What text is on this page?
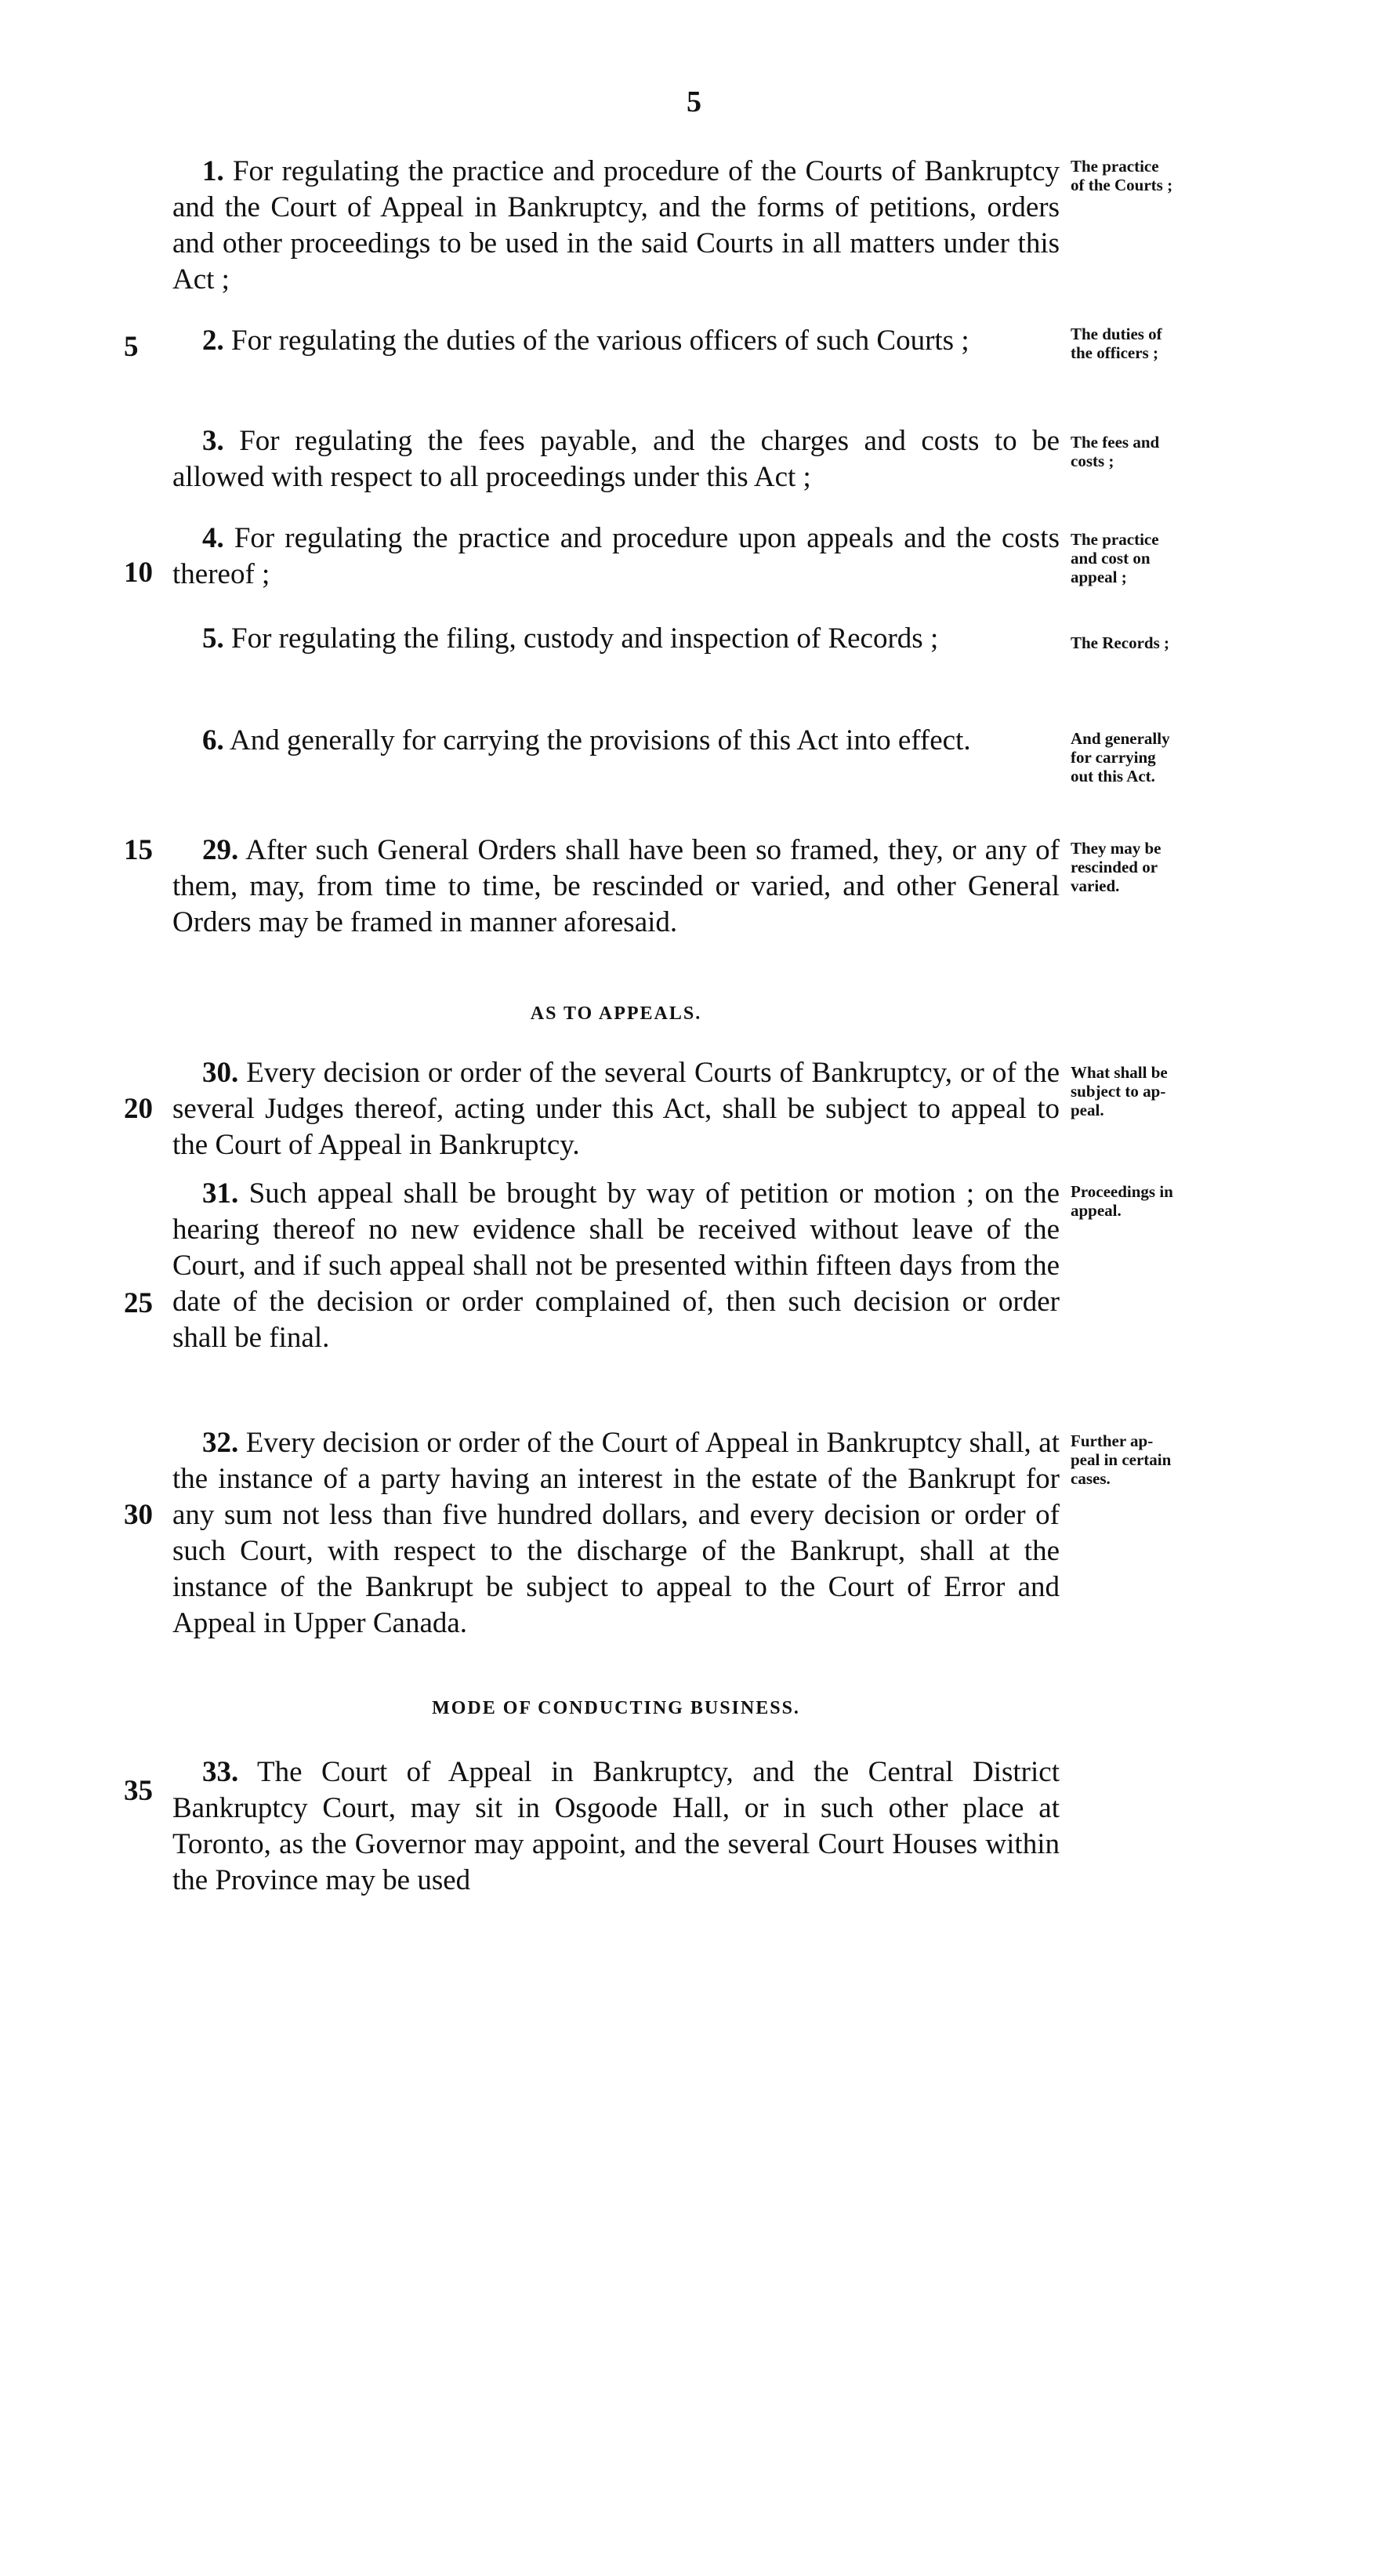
5
5
10
15
20
25
30
35
1. For regulating the practice and procedure of the Courts of Bankruptcy and the Court of Appeal in Bankruptcy, and the forms of petitions, orders and other proceedings to be used in the said Courts in all matters under this Act ;
The practice
of the Courts ;
2. For regulating the duties of the various officers of such Courts ;	The duties of
the officers ;
3. For regulating the fees payable, and the charges and costs to be allowed with respect to all proceedings under this Act ;
The fees and
costs ;
4. For regulating the practice and procedure upon appeals and the costs thereof ;
The practice
and cost on
appeal ;
5. For regulating the filing, custody and inspection of Records ;	The Records ;
6. And generally for carrying the provisions of this Act into effect.	And generally
for carrying
out this Act.
29. After such General Orders shall have been so framed, they, or any of them, may, from time to time, be rescinded or varied, and other General Orders may be framed in manner aforesaid.
They may be
rescinded or
varied.
AS TO APPEALS.
30. Every decision or order of the several Courts of Bankruptcy, or of the several Judges thereof, acting under this Act, shall be subject to appeal to the Court of Appeal in Bankruptcy.
What shall be
subject to ap-
peal.
31. Such appeal shall be brought by way of petition or motion ; on the hearing thereof no new evidence shall be received without leave of the Court, and if such appeal shall not be presented within fifteen days from the date of the decision or order complained of, then such decision or order shall be final.
Proceedings in
appeal.
32. Every decision or order of the Court of Appeal in Bankruptcy shall, at the instance of a party having an interest in the estate of the Bankrupt for any sum not less than five hundred dollars, and every decision or order of such Court, with respect to the discharge of the Bankrupt, shall at the instance of the Bankrupt be subject to appeal to the Court of Error and Appeal in Upper Canada.
Further ap-
peal in certain
cases.
MODE OF CONDUCTING BUSINESS.
33. The Court of Appeal in Bankruptcy, and the Central District Bankruptcy Court, may sit in Osgoode Hall, or in such other place at Toronto, as the Governor may appoint, and the several Court Houses within the Province may be used
